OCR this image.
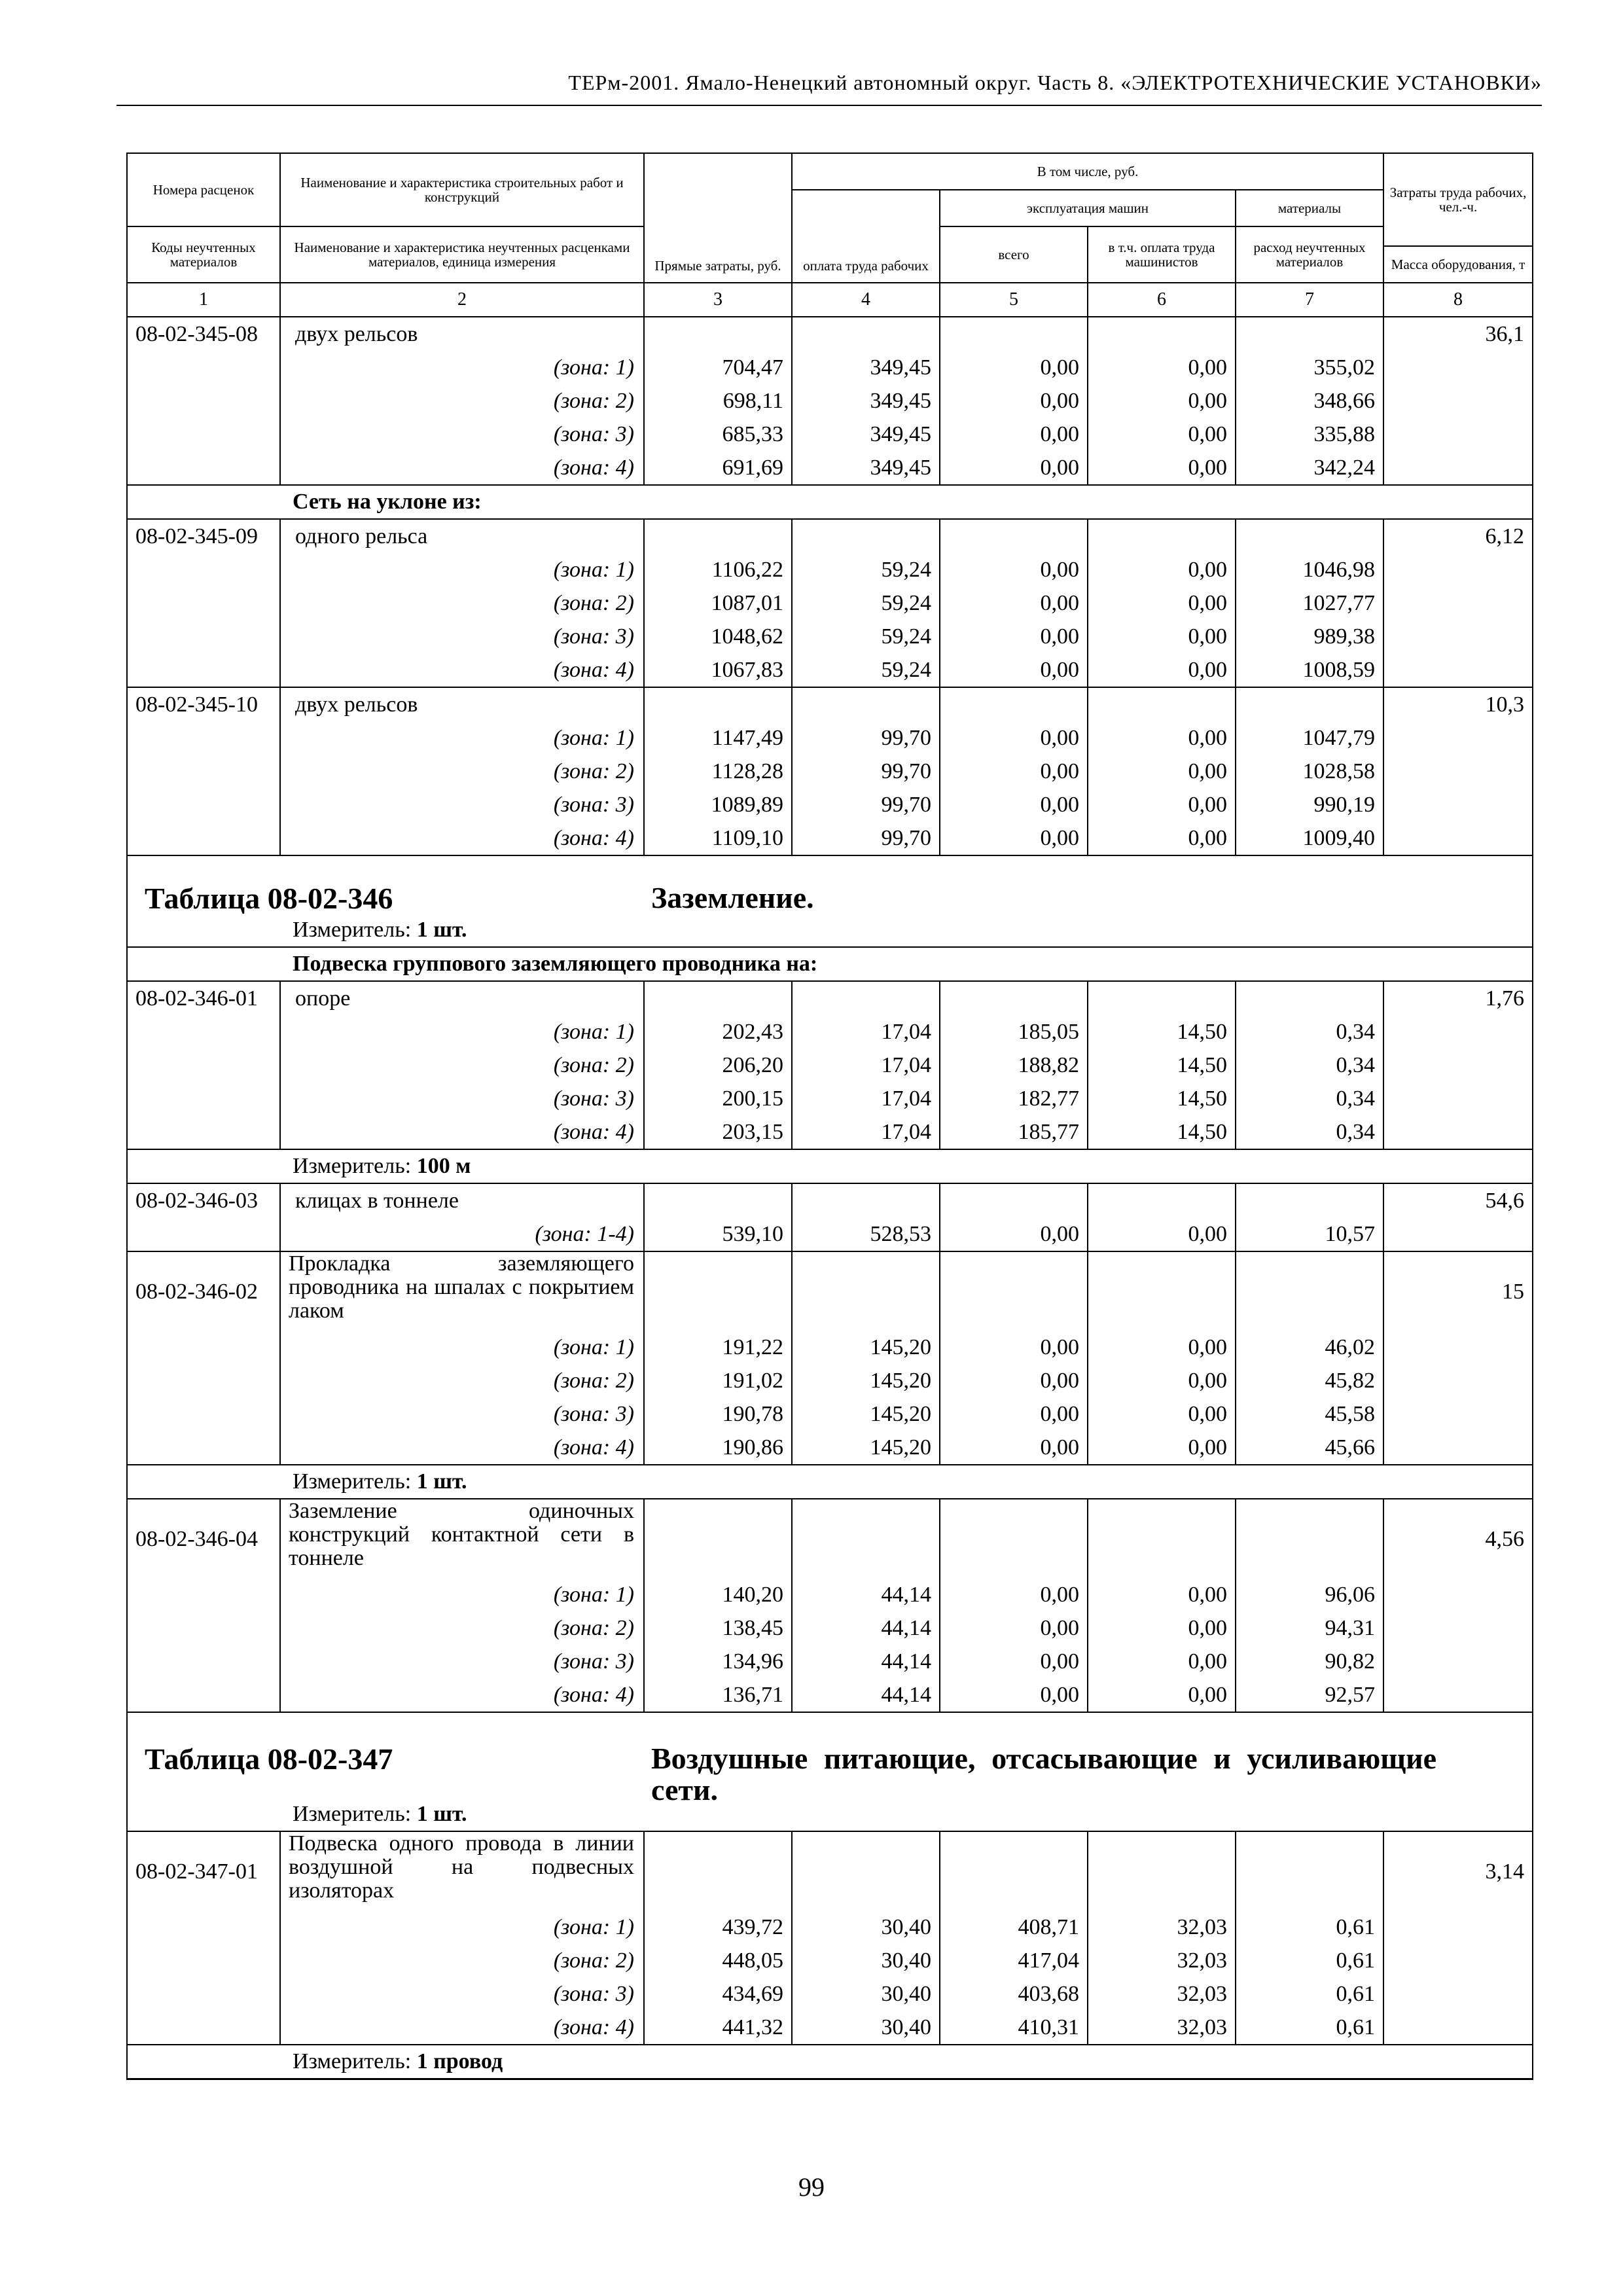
ТЕРм-2001. Ямало-Ненецкий автономный округ. Часть 8. «ЭЛЕКТРОТЕХНИЧЕСКИЕ УСТАНОВКИ»
Номера расценок	Наименование и характеристика строительных работ и конструкций	Прямые затраты, руб.	В том числе, руб.				Затраты труда рабочих, чел.-ч.
			оплата труда рабочих	эксплуатация машин		материалы	
Коды неучтенных материалов	Наименование и характеристика неучтенных расценками материалов, единица измерения			всего	в т.ч. оплата труда машинистов	расход неучтенных материалов	
							Масса оборудования, т
1	2	3	4	5	6	7	8
08-02-345-08	двух рельсов						36,1
	(зона: 1)	704,47	349,45	0,00	0,00	355,02	
	(зона: 2)	698,11	349,45	0,00	0,00	348,66	
	(зона: 3)	685,33	349,45	0,00	0,00	335,88	
	(зона: 4)	691,69	349,45	0,00	0,00	342,24	
Сеть на уклоне из:							
08-02-345-09	одного рельса						6,12
	(зона: 1)	1106,22	59,24	0,00	0,00	1046,98	
	(зона: 2)	1087,01	59,24	0,00	0,00	1027,77	
	(зона: 3)	1048,62	59,24	0,00	0,00	989,38	
	(зона: 4)	1067,83	59,24	0,00	0,00	1008,59	
08-02-345-10	двух рельсов						10,3
	(зона: 1)	1147,49	99,70	0,00	0,00	1047,79	
	(зона: 2)	1128,28	99,70	0,00	0,00	1028,58	
	(зона: 3)	1089,89	99,70	0,00	0,00	990,19	
	(зона: 4)	1109,10	99,70	0,00	0,00	1009,40	

Таблица 08-02-346 Заземление.							

Измеритель: 1 шт.							
Подвеска группового заземляющего проводника на:							
08-02-346-01	опоре						1,76
	(зона: 1)	202,43	17,04	185,05	14,50	0,34	
	(зона: 2)	206,20	17,04	188,82	14,50	0,34	
	(зона: 3)	200,15	17,04	182,77	14,50	0,34	
	(зона: 4)	203,15	17,04	185,77	14,50	0,34	
Измеритель: 100 м							
08-02-346-03	клицах в тоннеле						54,6
	(зона: 1-4)	539,10	528,53	0,00	0,00	10,57	
08-02-346-02	Прокладка заземляющего проводника на шпалах с покрытием лаком						15
	(зона: 1)	191,22	145,20	0,00	0,00	46,02	
	(зона: 2)	191,02	145,20	0,00	0,00	45,82	
	(зона: 3)	190,78	145,20	0,00	0,00	45,58	
	(зона: 4)	190,86	145,20	0,00	0,00	45,66	
Измеритель: 1 шт.							
08-02-346-04	Заземление одиночных конструкций контактной сети в тоннеле						4,56
	(зона: 1)	140,20	44,14	0,00	0,00	96,06	
	(зона: 2)	138,45	44,14	0,00	0,00	94,31	
	(зона: 3)	134,96	44,14	0,00	0,00	90,82	
	(зона: 4)	136,71	44,14	0,00	0,00	92,57	

Таблица 08-02-347 Воздушные питающие, отсасывающие и усиливающие сети.							

Измеритель: 1 шт.							
08-02-347-01	Подвеска одного провода в линии воздушной на подвесных изоляторах						3,14
	(зона: 1)	439,72	30,40	408,71	32,03	0,61	
	(зона: 2)	448,05	30,40	417,04	32,03	0,61	
	(зона: 3)	434,69	30,40	403,68	32,03	0,61	
	(зона: 4)	441,32	30,40	410,31	32,03	0,61	
Измеритель: 1 провод							
99
